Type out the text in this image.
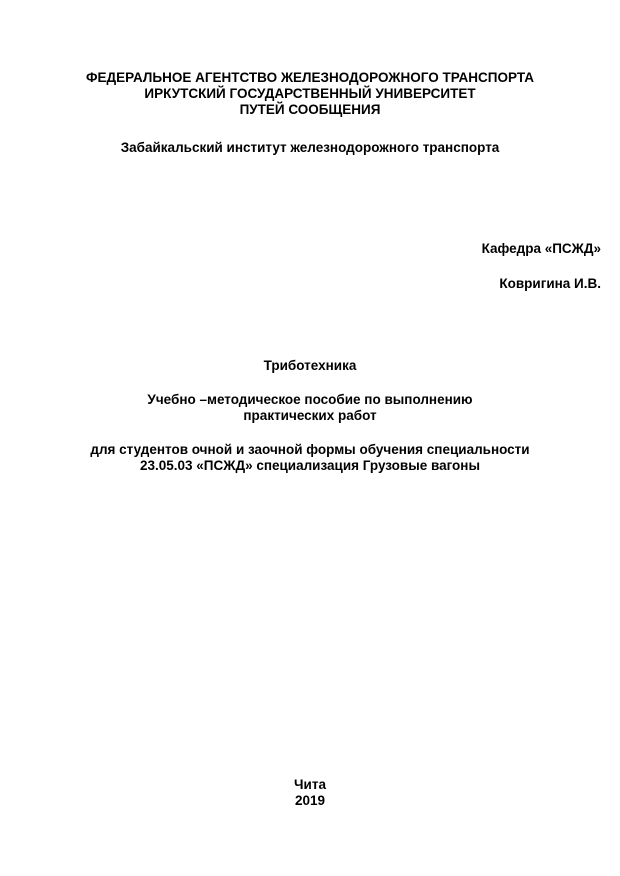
ФЕДЕРАЛЬНОЕ АГЕНТСТВО ЖЕЛЕЗНОДОРОЖНОГО ТРАНСПОРТА
ИРКУТСКИЙ ГОСУДАРСТВЕННЫЙ УНИВЕРСИТЕТ
ПУТЕЙ СООБЩЕНИЯ
Забайкальский институт железнодорожного транспорта
Кафедра «ПСЖД»
Ковригина И.В.
Триботехника
Учебно –методическое пособие по выполнению
практических работ
для студентов очной и заочной формы обучения специальности
23.05.03 «ПСЖД» специализация Грузовые вагоны
Чита
2019
